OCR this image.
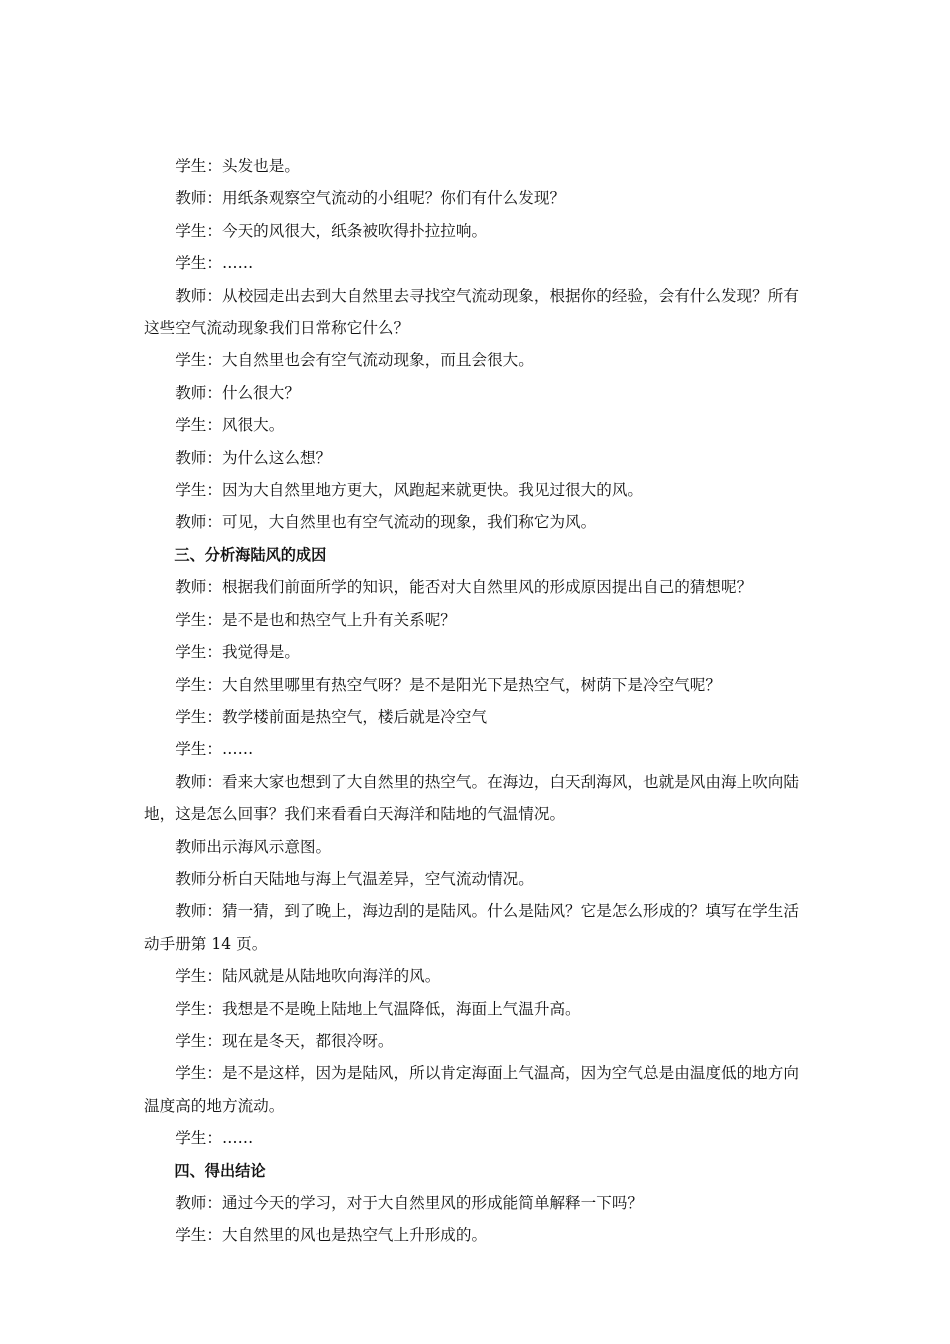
学生：头发也是。

教师：用纸条观察空气流动的小组呢？你们有什么发现？

学生：今天的风很大，纸条被吹得扑拉拉响。

学生：……

教师：从校园走出去到大自然里去寻找空气流动现象，根据你的经验，会有什么发现？所有这些空气流动现象我们日常称它什么？

学生：大自然里也会有空气流动现象，而且会很大。

教师：什么很大？

学生：风很大。

教师：为什么这么想？

学生：因为大自然里地方更大，风跑起来就更快。我见过很大的风。

教师：可见，大自然里也有空气流动的现象，我们称它为风。

三、分析海陆风的成因

教师：根据我们前面所学的知识，能否对大自然里风的形成原因提出自己的猜想呢？

学生：是不是也和热空气上升有关系呢？

学生：我觉得是。

学生：大自然里哪里有热空气呀？是不是阳光下是热空气，树荫下是冷空气呢？

学生：教学楼前面是热空气，楼后就是冷空气

学生：……

教师：看来大家也想到了大自然里的热空气。在海边，白天刮海风，也就是风由海上吹向陆地，这是怎么回事？我们来看看白天海洋和陆地的气温情况。

教师出示海风示意图。

教师分析白天陆地与海上气温差异，空气流动情况。

教师：猜一猜，到了晚上，海边刮的是陆风。什么是陆风？它是怎么形成的？填写在学生活动手册第 14 页。

学生：陆风就是从陆地吹向海洋的风。

学生：我想是不是晚上陆地上气温降低，海面上气温升高。

学生：现在是冬天，都很冷呀。

学生：是不是这样，因为是陆风，所以肯定海面上气温高，因为空气总是由温度低的地方向温度高的地方流动。

学生：……

四、得出结论

教师：通过今天的学习，对于大自然里风的形成能简单解释一下吗？

学生：大自然里的风也是热空气上升形成的。
